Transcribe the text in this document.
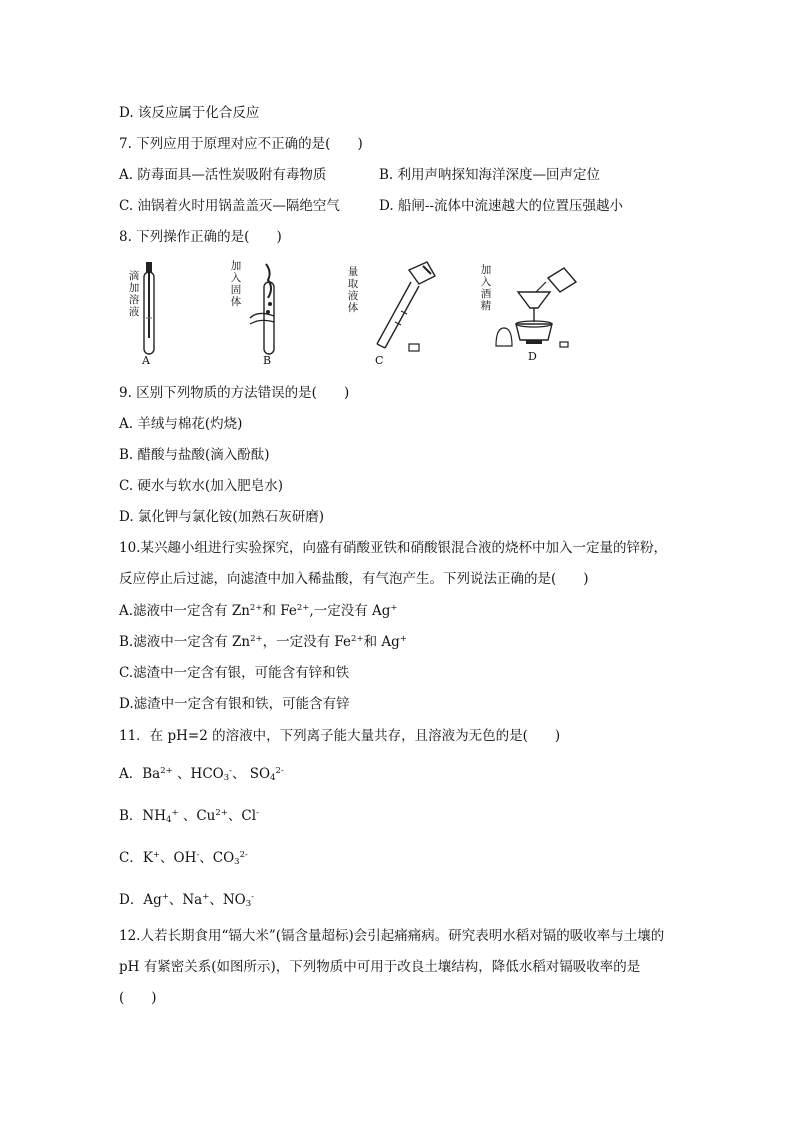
D. 该反应属于化合反应
7. 下列应用于原理对应不正确的是(　　)
A. 防毒面具—活性炭吸附有毒物质	B. 利用声呐探知海洋深度—回声定位
C. 油锅着火时用锅盖盖灭—隔绝空气	D. 船闸--流体中流速越大的位置压强越小
8. 下列操作正确的是(　　)
滴加溶液
A
加入固体
B
量取液体
C
加入酒精
D
9. 区别下列物质的方法错误的是(　　)
A. 羊绒与棉花(灼烧)
B. 醋酸与盐酸(滴入酚酞)
C. 硬水与软水(加入肥皂水)
D. 氯化钾与氯化铵(加熟石灰研磨)
10.某兴趣小组进行实验探究，向盛有硝酸亚铁和硝酸银混合液的烧杯中加入一定量的锌粉，
反应停止后过滤，向滤渣中加入稀盐酸，有气泡产生。下列说法正确的是(　　)
A.滤液中一定含有 $Zn^{2+}$和 $Fe^{2+}$,一定没有 Ag+
B.滤液中一定含有 $Zn^{2+}$，一定没有 $Fe^{2+}$和 Ag+
C.滤渣中一定含有银，可能含有锌和铁
D.滤渣中一定含有银和铁，可能含有锌
11．在 pH=2 的溶液中，下列离子能大量共存，且溶液为无色的是(　　)
A．$Ba^{2+}$ 、$HCO_3^-$、 $SO_4^{2-}$
B．$NH_4^+$ 、$Cu^{2+}$、Cl-
C．K+、OH-、$CO_3^{2-}$
D．Ag+、Na+、$NO_3^-$
12.人若长期食用“镉大米”(镉含量超标)会引起痛痛病。研究表明水稻对镉的吸收率与土壤的
pH 有紧密关系(如图所示)，下列物质中可用于改良土壤结构，降低水稻对镉吸收率的是
(　　)
